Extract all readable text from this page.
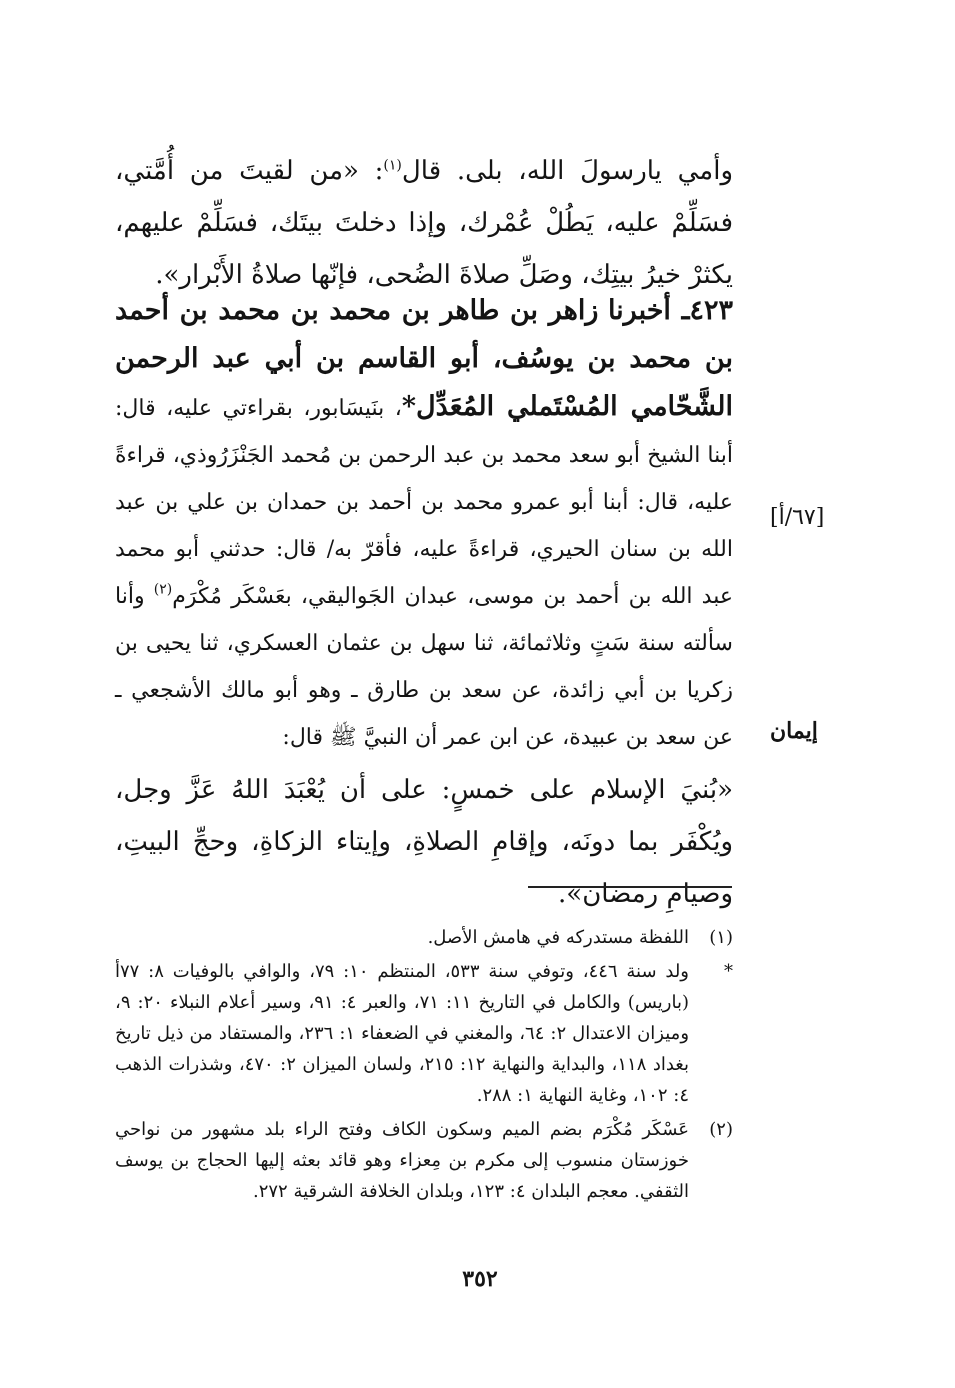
وأمي يارسولَ الله، بلى. قال$^{(١)}$: «من لقيتَ من أُمَّتي، فسَلِّمْ عليه، يَطُلْ عُمْرك، وإذا دخلتَ بيتَك، فسَلِّمْ عليهم، يكثرْ خيرُ بيتِك، وصَلِّ صلاةَ الضُحى، فإنّها صلاةُ الأَبْرار».

٤٢٣ـ أخبرنا زاهر بن طاهر بن محمد بن محمد بن أحمد بن محمد بن يوسُف، أبو القاسم بن أبي عبد الرحمن الشَّحّامي المُسْتَملي المُعَدِّل*، بنَيسَابور، بقراءتي عليه، قال: أبنا الشيخ أبو سعد محمد بن عبد الرحمن بن مُحمد الجَنْزَرُوذي، قراءةً عليه، قال: أبنا أبو عمرو محمد بن أحمد بن حمدان بن علي بن عبد الله بن سنان الحيري، قراءةً عليه، فأقرّ به/ قال: حدثني أبو محمد عبد الله بن أحمد بن موسى، عبدان الجَواليقي، بعَسْكَر مُكْرَم$^{(٢)}$ وأنا سألته سنة سَتٍ وثلاثمائة، ثنا سهل بن عثمان العسكري، ثنا يحيى بن زكريا بن أبي زائدة، عن سعد بن طارق ـ وهو أبو مالك الأشجعي ـ عن سعد بن عبيدة، عن ابن عمر أن النبيَّ ﷺ قال:

«بُنيَ الإسلام على خمسٍ: على أن يُعْبَدَ اللهُ عَزَّ وجل، ويُكْفَر بما دونَه، وإقامِ الصلاةِ، وإيتاء الزكاةِ، وحجِّ البيتِ، وصيامِ رمضان».

[٦٧/أ]
إيمان
(١)
اللفظة مستدركه في هامش الأصل.
*
ولد سنة ٤٤٦، وتوفي سنة ٥٣٣، المنتظم ١٠: ٧٩، والوافي بالوفيات ٨: ٧٧أ (باريس) والكامل في التاريخ ١١: ٧١، والعبر ٤: ٩١، وسير أعلام النبلاء ٢٠: ٩، وميزان الاعتدال ٢: ٦٤، والمغني في الضعفاء ١: ٢٣٦، والمستفاد من ذيل تاريخ بغداد ١١٨، والبداية والنهاية ١٢: ٢١٥، ولسان الميزان ٢: ٤٧٠، وشذرات الذهب ٤: ١٠٢، وغاية النهاية ١: ٢٨٨.
(٢)
عَسْكَر مُكْرَم بضم الميم وسكون الكاف وفتح الراء بلد مشهور من نواحي خوزستان منسوب إلى مكرم بن مِعزاء وهو قائد بعثه إليها الحجاج بن يوسف الثقفي. معجم البلدان ٤: ١٢٣، وبلدان الخلافة الشرقية ٢٧٢.
٣٥٢
